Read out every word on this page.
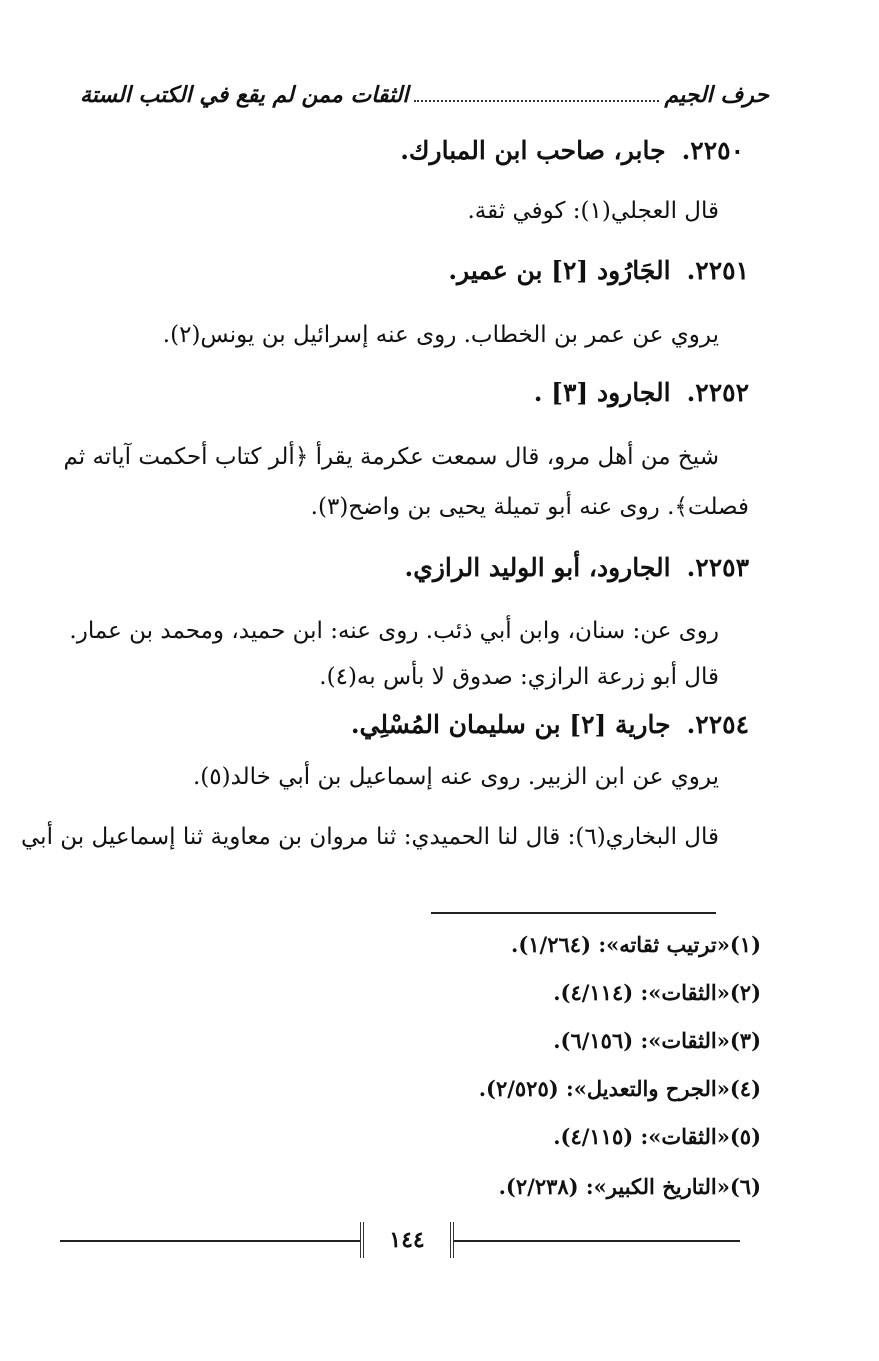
حرف الجيم
الثقات ممن لم يقع في الكتب الستة
٢٢٥٠.جابر، صاحب ابن المبارك.
قال العجلي(١): كوفي ثقة.
٢٢٥١.الجَارُود [٢] بن عمير.
يروي عن عمر بن الخطاب. روى عنه إسرائيل بن يونس(٢).
٢٢٥٢.الجارود [٣] .
شيخ من أهل مرو، قال سمعت عكرمة يقرأ ﴿ألر كتاب أحكمت آياته ثم
فصلت﴾. روى عنه أبو تميلة يحيى بن واضح(٣).
٢٢٥٣.الجارود، أبو الوليد الرازي.
روى عن: سنان، وابن أبي ذئب. روى عنه: ابن حميد، ومحمد بن عمار.
قال أبو زرعة الرازي: صدوق لا بأس به(٤).
٢٢٥٤.جارية [٢] بن سليمان المُسْلِي.
يروي عن ابن الزبير. روى عنه إسماعيل بن أبي خالد(٥).
قال البخاري(٦): قال لنا الحميدي: ثنا مروان بن معاوية ثنا إسماعيل بن أبي
(١)«ترتيب ثقاته»: (١/٢٦٤).
(٢)«الثقات»: (٤/١١٤).
(٣)«الثقات»: (٦/١٥٦).
(٤)«الجرح والتعديل»: (٢/٥٢٥).
(٥)«الثقات»: (٤/١١٥).
(٦)«التاريخ الكبير»: (٢/٢٣٨).
١٤٤
